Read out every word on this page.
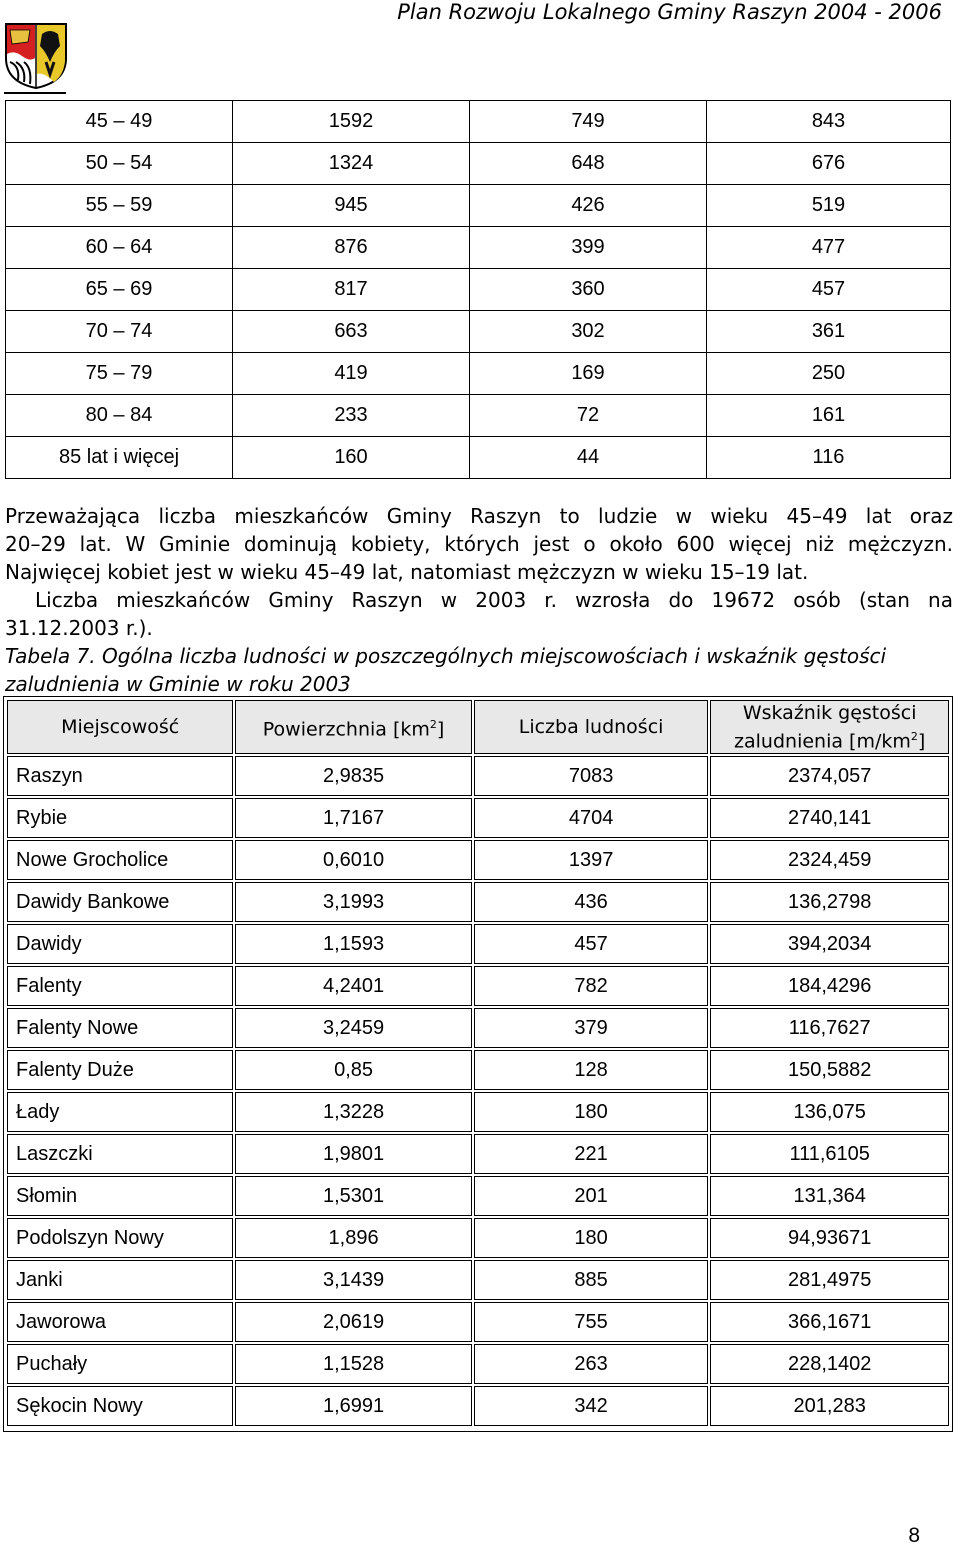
Plan Rozwoju Lokalnego Gminy Raszyn 2004 - 2006
45 – 49	1592	749	843
50 – 54	1324	648	676
55 – 59	945	426	519
60 – 64	876	399	477
65 – 69	817	360	457
70 – 74	663	302	361
75 – 79	419	169	250
80 – 84	233	72	161
85 lat i więcej	160	44	116
Przeważająca liczba mieszkańców Gminy Raszyn to ludzie w wieku 45–49 lat oraz
20–29 lat. W Gminie dominują kobiety, których jest o około 600 więcej niż mężczyzn.
Najwięcej kobiet jest w wieku 45–49 lat, natomiast mężczyzn w wieku 15–19 lat.
Liczba mieszkańców Gminy Raszyn w 2003 r. wzrosła do 19672 osób (stan na
31.12.2003 r.).
Tabela 7. Ogólna liczba ludności w poszczególnych miejscowościach i wskaźnik gęstości zaludnienia w Gminie w roku 2003
Miejscowość	Powierzchnia $[km^2]$	Liczba ludności	Wskaźnik gęstości
zaludnienia $[m/km^2]$
Raszyn	2,9835	7083	2374,057
Rybie	1,7167	4704	2740,141
Nowe Grocholice	0,6010	1397	2324,459
Dawidy Bankowe	3,1993	436	136,2798
Dawidy	1,1593	457	394,2034
Falenty	4,2401	782	184,4296
Falenty Nowe	3,2459	379	116,7627
Falenty Duże	0,85	128	150,5882
Łady	1,3228	180	136,075
Laszczki	1,9801	221	111,6105
Słomin	1,5301	201	131,364
Podolszyn Nowy	1,896	180	94,93671
Janki	3,1439	885	281,4975
Jaworowa	2,0619	755	366,1671
Puchały	1,1528	263	228,1402
Sękocin Nowy	1,6991	342	201,283
8
